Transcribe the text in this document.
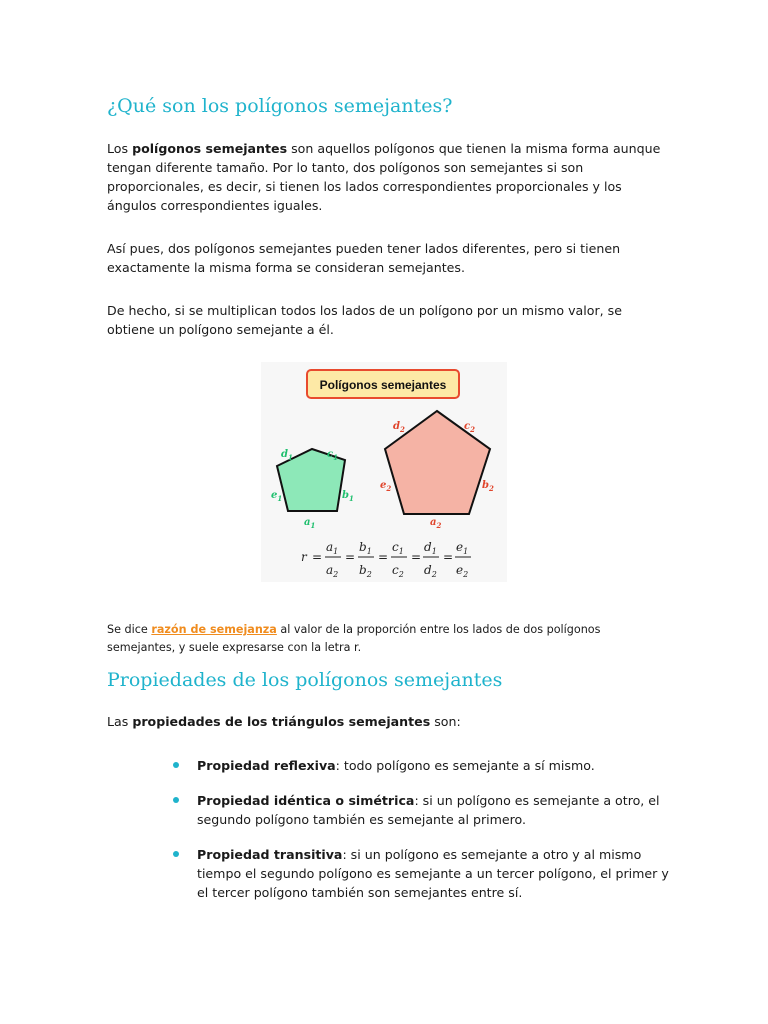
¿Qué son los polígonos semejantes?

Los polígonos semejantes son aquellos polígonos que tienen la misma forma aunque tengan diferente tamaño. Por lo tanto, dos polígonos son semejantes si son proporcionales, es decir, si tienen los lados correspondientes proporcionales y los ángulos correspondientes iguales.

Así pues, dos polígonos semejantes pueden tener lados diferentes, pero si tienen exactamente la misma forma se consideran semejantes.

De hecho, si se multiplican todos los lados de un polígono por un mismo valor, se obtiene un polígono semejante a él.

Polígonos semejantes
$d_1$	$c_1$
$e_1$	$b_1$
$a_1$
$d_2$	$c_2$
$e_2$	$b_2$
$a_2$
r =
$a_1$
$a_2$
=
$b_1$
$b_2$
=
$c_1$
$c_2$
=
$d_1$
$d_2$
=
$e_1$
$e_2$

Se dice razón de semejanza al valor de la proporción entre los lados de dos polígonos semejantes, y suele expresarse con la letra r.

Propiedades de los polígonos semejantes

Las propiedades de los triángulos semejantes son:

Propiedad reflexiva: todo polígono es semejante a sí mismo.
Propiedad idéntica o simétrica: si un polígono es semejante a otro, el segundo polígono también es semejante al primero.
Propiedad transitiva: si un polígono es semejante a otro y al mismo tiempo el segundo polígono es semejante a un tercer polígono, el primer y el tercer polígono también son semejantes entre sí.
